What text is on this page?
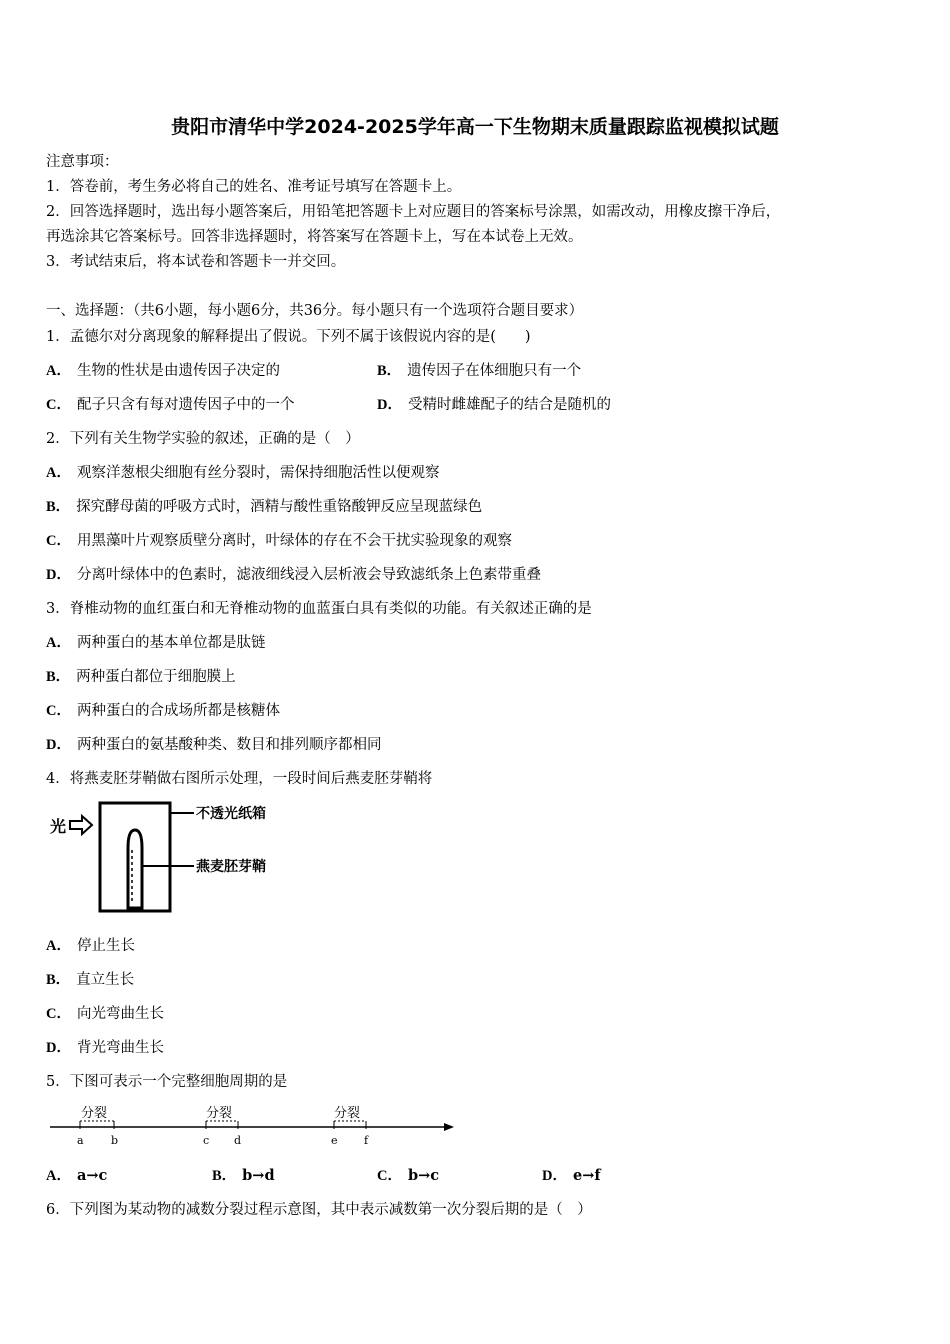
贵阳市清华中学2024-2025学年高一下生物期末质量跟踪监视模拟试题
注意事项：
1．答卷前，考生务必将自己的姓名、准考证号填写在答题卡上。
2．回答选择题时，选出每小题答案后，用铅笔把答题卡上对应题目的答案标号涂黑，如需改动，用橡皮擦干净后，
再选涂其它答案标号。回答非选择题时，将答案写在答题卡上，写在本试卷上无效。
3．考试结束后，将本试卷和答题卡一并交回。
一、选择题：（共6小题，每小题6分，共36分。每小题只有一个选项符合题目要求）
1．孟德尔对分离现象的解释提出了假说。下列不属于该假说内容的是(　　)
A． 生物的性状是由遗传因子决定的	B． 遗传因子在体细胞只有一个
C． 配子只含有每对遗传因子中的一个	D． 受精时雌雄配子的结合是随机的
2．下列有关生物学实验的叙述，正确的是（　）
A． 观察洋葱根尖细胞有丝分裂时，需保持细胞活性以便观察
B． 探究酵母菌的呼吸方式时，酒精与酸性重铬酸钾反应呈现蓝绿色
C． 用黑藻叶片观察质壁分离时，叶绿体的存在不会干扰实验现象的观察
D． 分离叶绿体中的色素时，滤液细线浸入层析液会导致滤纸条上色素带重叠
3．脊椎动物的血红蛋白和无脊椎动物的血蓝蛋白具有类似的功能。有关叙述正确的是
A． 两种蛋白的基本单位都是肽链
B． 两种蛋白都位于细胞膜上
C． 两种蛋白的合成场所都是核糖体
D． 两种蛋白的氨基酸种类、数目和排列顺序都相同
4．将燕麦胚芽鞘做右图所示处理，一段时间后燕麦胚芽鞘将
光
不透光纸箱
燕麦胚芽鞘
A． 停止生长
B． 直立生长
C． 向光弯曲生长
D． 背光弯曲生长
5．下图可表示一个完整细胞周期的是
分裂	分裂	分裂
a b	c d	e f
A． a→c	B． b→d	C． b→c	D． e→f
6．下列图为某动物的减数分裂过程示意图，其中表示减数第一次分裂后期的是（　）
